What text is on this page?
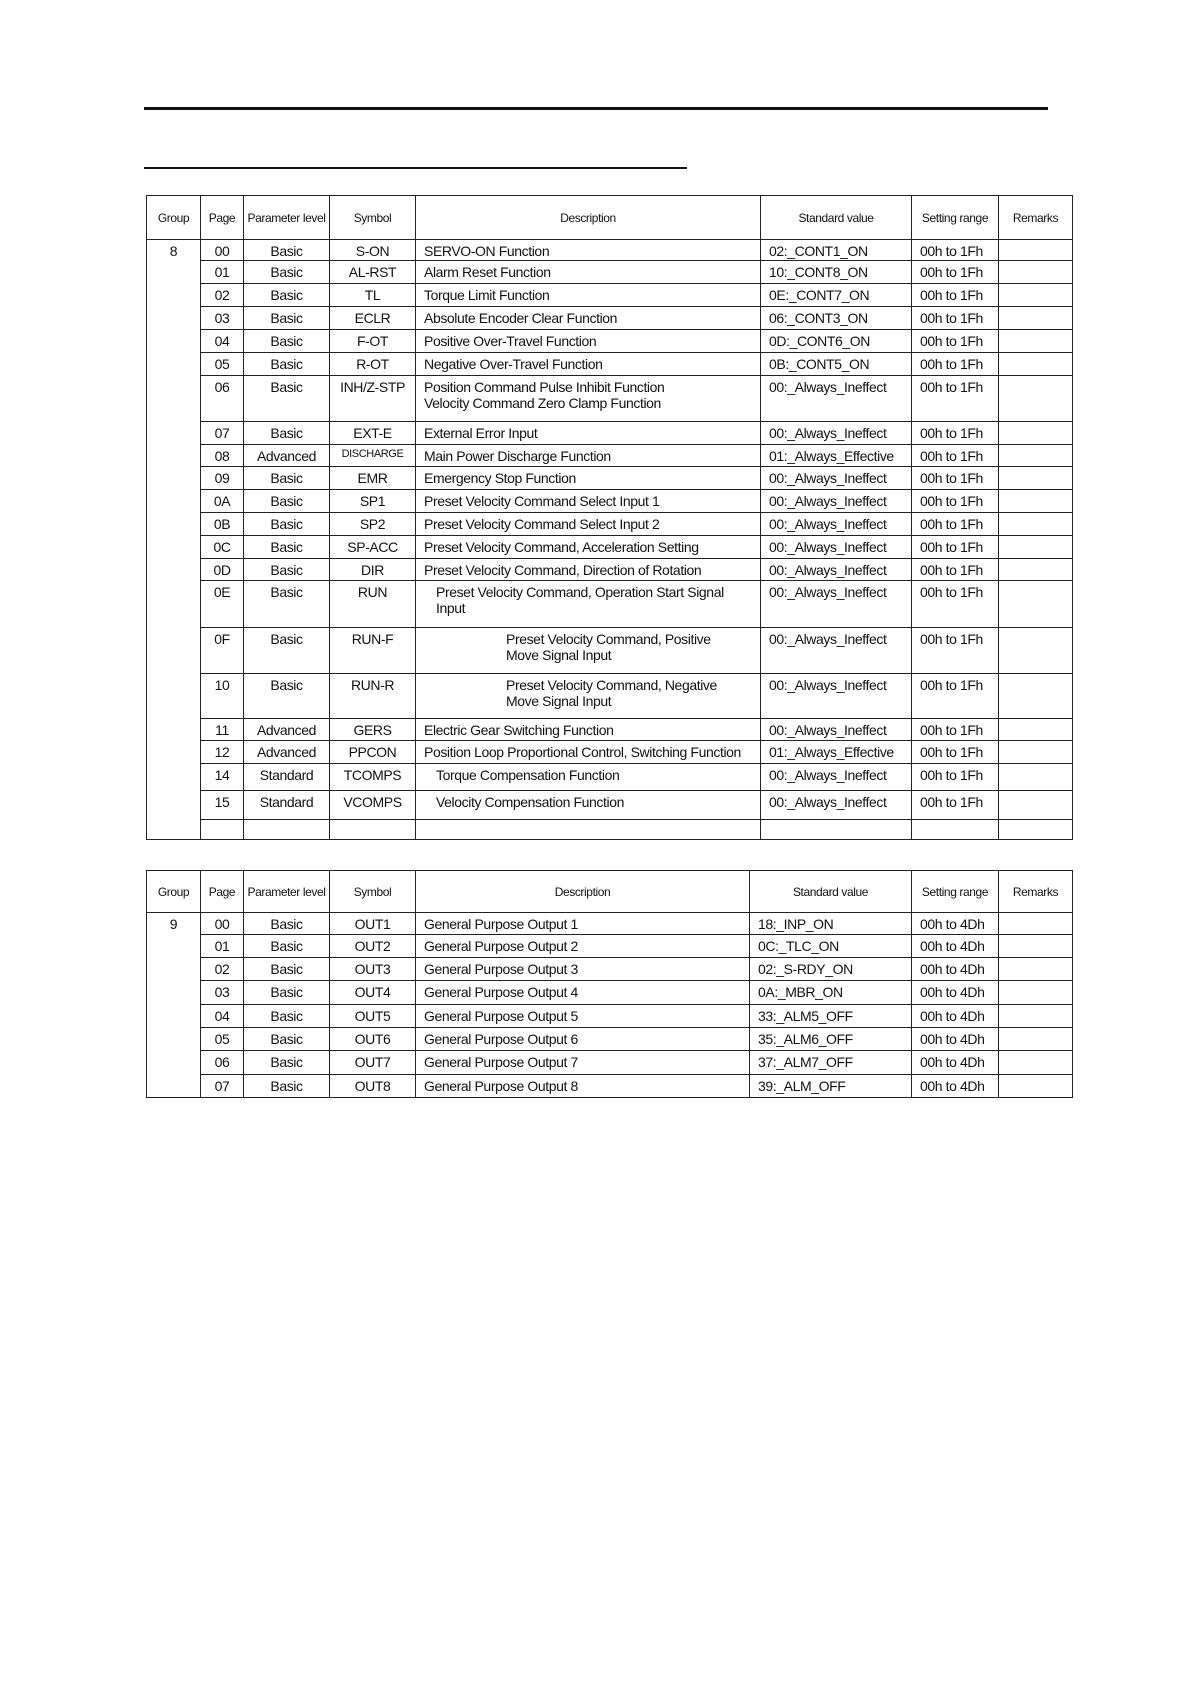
Group	Page	Parameter level	Symbol	Description	Standard value	Setting range	Remarks
8	00	Basic	S-ON	SERVO-ON Function	02:_CONT1_ON	00h to 1Fh	
	01	Basic	AL-RST	Alarm Reset Function	10:_CONT8_ON	00h to 1Fh	
	02	Basic	TL	Torque Limit Function	0E:_CONT7_ON	00h to 1Fh	
	03	Basic	ECLR	Absolute Encoder Clear Function	06:_CONT3_ON	00h to 1Fh	
	04	Basic	F-OT	Positive Over-Travel Function	0D:_CONT6_ON	00h to 1Fh	
	05	Basic	R-OT	Negative Over-Travel Function	0B:_CONT5_ON	00h to 1Fh	
	06	Basic	INH/Z-STP	Position Command Pulse Inhibit Function
Velocity Command Zero Clamp Function	00:_Always_Ineffect	00h to 1Fh	
	07	Basic	EXT-E	External Error Input	00:_Always_Ineffect	00h to 1Fh	
	08	Advanced	DISCHARGE	Main Power Discharge Function	01:_Always_Effective	00h to 1Fh	
	09	Basic	EMR	Emergency Stop Function	00:_Always_Ineffect	00h to 1Fh	
	0A	Basic	SP1	Preset Velocity Command Select Input 1	00:_Always_Ineffect	00h to 1Fh	
	0B	Basic	SP2	Preset Velocity Command Select Input 2	00:_Always_Ineffect	00h to 1Fh	
	0C	Basic	SP-ACC	Preset Velocity Command, Acceleration Setting	00:_Always_Ineffect	00h to 1Fh	
	0D	Basic	DIR	Preset Velocity Command, Direction of Rotation	00:_Always_Ineffect	00h to 1Fh	
	0E	Basic	RUN	Preset Velocity Command, Operation Start Signal
Input	00:_Always_Ineffect	00h to 1Fh	
	0F	Basic	RUN-F	Preset Velocity Command, Positive
Move Signal Input	00:_Always_Ineffect	00h to 1Fh	
	10	Basic	RUN-R	Preset Velocity Command, Negative
Move Signal Input	00:_Always_Ineffect	00h to 1Fh	
	11	Advanced	GERS	Electric Gear Switching Function	00:_Always_Ineffect	00h to 1Fh	
	12	Advanced	PPCON	Position Loop Proportional Control, Switching Function	01:_Always_Effective	00h to 1Fh	
	14	Standard	TCOMPS	Torque Compensation Function	00:_Always_Ineffect	00h to 1Fh	
	15	Standard	VCOMPS	Velocity Compensation Function	00:_Always_Ineffect	00h to 1Fh	

Group	Page	Parameter level	Symbol	Description	Standard value	Setting range	Remarks
9	00	Basic	OUT1	General Purpose Output 1	18:_INP_ON	00h to 4Dh	
	01	Basic	OUT2	General Purpose Output 2	0C:_TLC_ON	00h to 4Dh	
	02	Basic	OUT3	General Purpose Output 3	02:_S-RDY_ON	00h to 4Dh	
	03	Basic	OUT4	General Purpose Output 4	0A:_MBR_ON	00h to 4Dh	
	04	Basic	OUT5	General Purpose Output 5	33:_ALM5_OFF	00h to 4Dh	
	05	Basic	OUT6	General Purpose Output 6	35:_ALM6_OFF	00h to 4Dh	
	06	Basic	OUT7	General Purpose Output 7	37:_ALM7_OFF	00h to 4Dh	
	07	Basic	OUT8	General Purpose Output 8	39:_ALM_OFF	00h to 4Dh	
